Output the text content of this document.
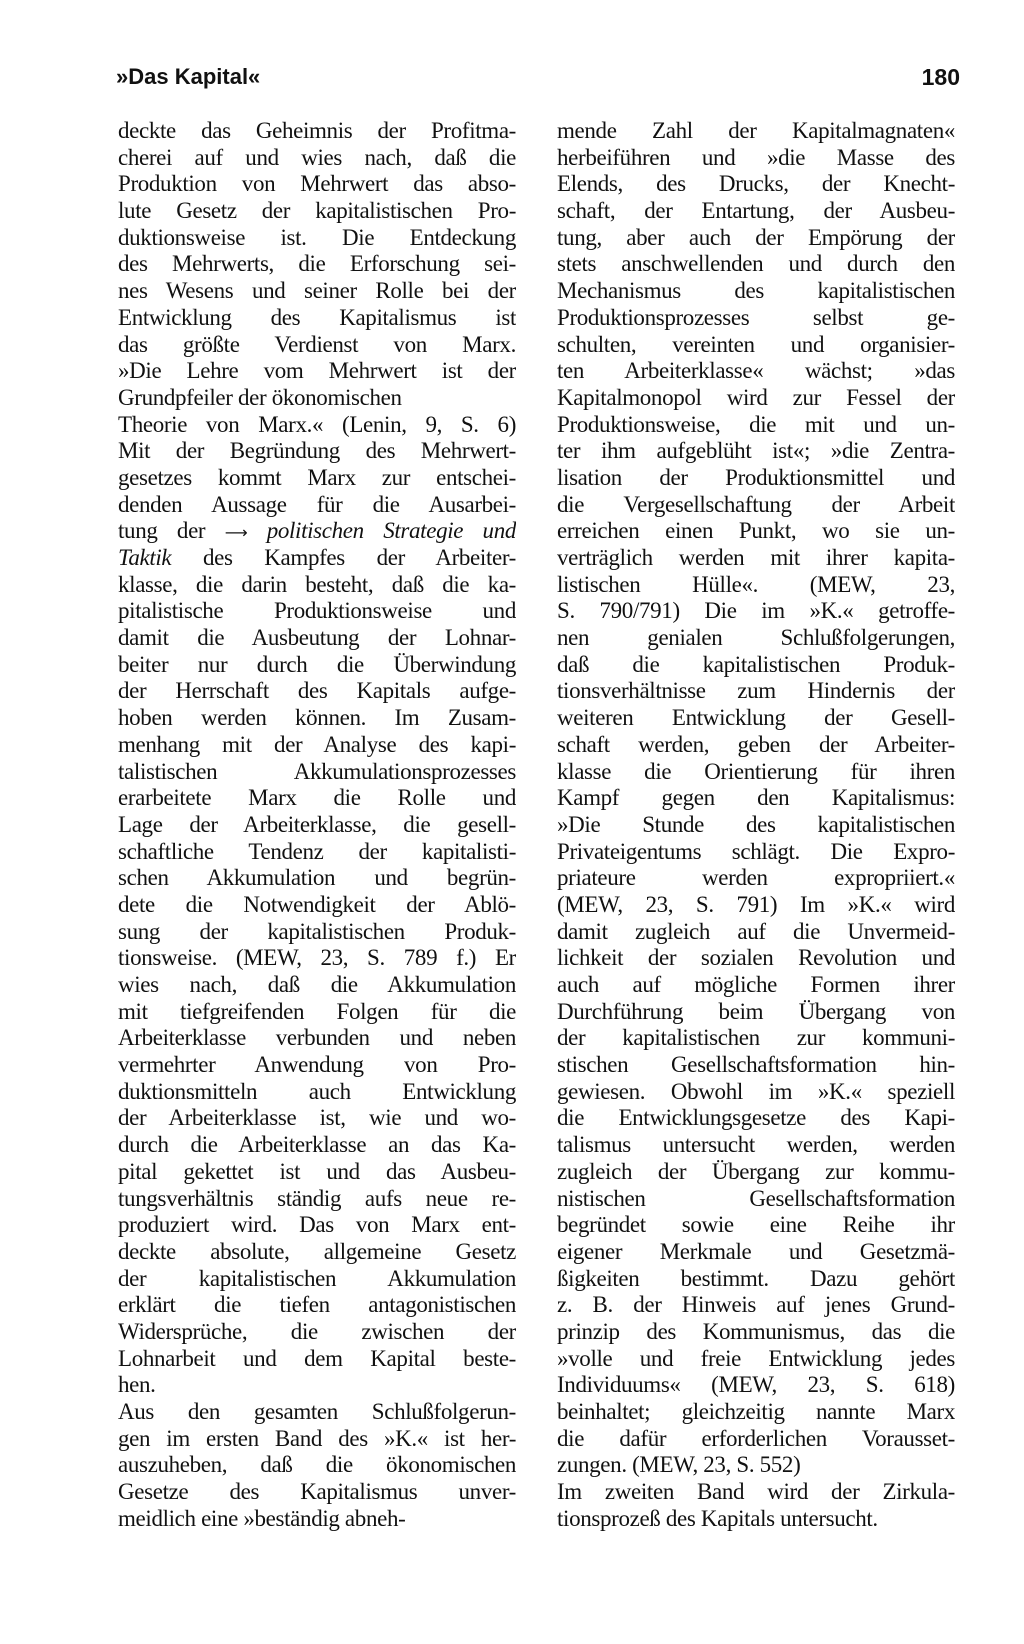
»Das Kapital«	180
deckte das Geheimnis der Profitma-
cherei auf und wies nach, daß die
Produktion von Mehrwert das abso-
lute Gesetz der kapitalistischen Pro-
duktionsweise ist. Die Entdeckung
des Mehrwerts, die Erforschung sei-
nes Wesens und seiner Rolle bei der
Entwicklung des Kapitalismus ist
das größte Verdienst von Marx.
»Die Lehre vom Mehrwert ist der
Grundpfeiler der ökonomischen
Theorie von Marx.« (Lenin, 9, S. 6)
Mit der Begründung des Mehrwert-
gesetzes kommt Marx zur entschei-
denden Aussage für die Ausarbei-
tung der ⟶ politischen Strategie und
Taktik des Kampfes der Arbeiter-
klasse, die darin besteht, daß die ka-
pitalistische Produktionsweise und
damit die Ausbeutung der Lohnar-
beiter nur durch die Überwindung
der Herrschaft des Kapitals aufge-
hoben werden können. Im Zusam-
menhang mit der Analyse des kapi-
talistischen Akkumulationsprozesses
erarbeitete Marx die Rolle und
Lage der Arbeiterklasse, die gesell-
schaftliche Tendenz der kapitalisti-
schen Akkumulation und begrün-
dete die Notwendigkeit der Ablö-
sung der kapitalistischen Produk-
tionsweise. (MEW, 23, S. 789 f.) Er
wies nach, daß die Akkumulation
mit tiefgreifenden Folgen für die
Arbeiterklasse verbunden und neben
vermehrter Anwendung von Pro-
duktionsmitteln auch Entwicklung
der Arbeiterklasse ist, wie und wo-
durch die Arbeiterklasse an das Ka-
pital gekettet ist und das Ausbeu-
tungsverhältnis ständig aufs neue re-
produziert wird. Das von Marx ent-
deckte absolute, allgemeine Gesetz
der kapitalistischen Akkumulation
erklärt die tiefen antagonistischen
Widersprüche, die zwischen der
Lohnarbeit und dem Kapital beste-
hen.
Aus den gesamten Schlußfolgerun-
gen im ersten Band des »K.« ist her-
auszuheben, daß die ökonomischen
Gesetze des Kapitalismus unver-
meidlich eine »beständig abneh-
mende Zahl der Kapitalmagnaten«
herbeiführen und »die Masse des
Elends, des Drucks, der Knecht-
schaft, der Entartung, der Ausbeu-
tung, aber auch der Empörung der
stets anschwellenden und durch den
Mechanismus des kapitalistischen
Produktionsprozesses selbst ge-
schulten, vereinten und organisier-
ten Arbeiterklasse« wächst; »das
Kapitalmonopol wird zur Fessel der
Produktionsweise, die mit und un-
ter ihm aufgeblüht ist«; »die Zentra-
lisation der Produktionsmittel und
die Vergesellschaftung der Arbeit
erreichen einen Punkt, wo sie un-
verträglich werden mit ihrer kapita-
listischen Hülle«. (MEW, 23,
S. 790/791) Die im »K.« getroffe-
nen genialen Schlußfolgerungen,
daß die kapitalistischen Produk-
tionsverhältnisse zum Hindernis der
weiteren Entwicklung der Gesell-
schaft werden, geben der Arbeiter-
klasse die Orientierung für ihren
Kampf gegen den Kapitalismus:
»Die Stunde des kapitalistischen
Privateigentums schlägt. Die Expro-
priateure werden expropriiert.«
(MEW, 23, S. 791) Im »K.« wird
damit zugleich auf die Unvermeid-
lichkeit der sozialen Revolution und
auch auf mögliche Formen ihrer
Durchführung beim Übergang von
der kapitalistischen zur kommuni-
stischen Gesellschaftsformation hin-
gewiesen. Obwohl im »K.« speziell
die Entwicklungsgesetze des Kapi-
talismus untersucht werden, werden
zugleich der Übergang zur kommu-
nistischen Gesellschaftsformation
begründet sowie eine Reihe ihr
eigener Merkmale und Gesetzmä-
ßigkeiten bestimmt. Dazu gehört
z. B. der Hinweis auf jenes Grund-
prinzip des Kommunismus, das die
»volle und freie Entwicklung jedes
Individuums« (MEW, 23, S. 618)
beinhaltet; gleichzeitig nannte Marx
die dafür erforderlichen Vorausset-
zungen. (MEW, 23, S. 552)
Im zweiten Band wird der Zirkula-
tionsprozeß des Kapitals untersucht.
